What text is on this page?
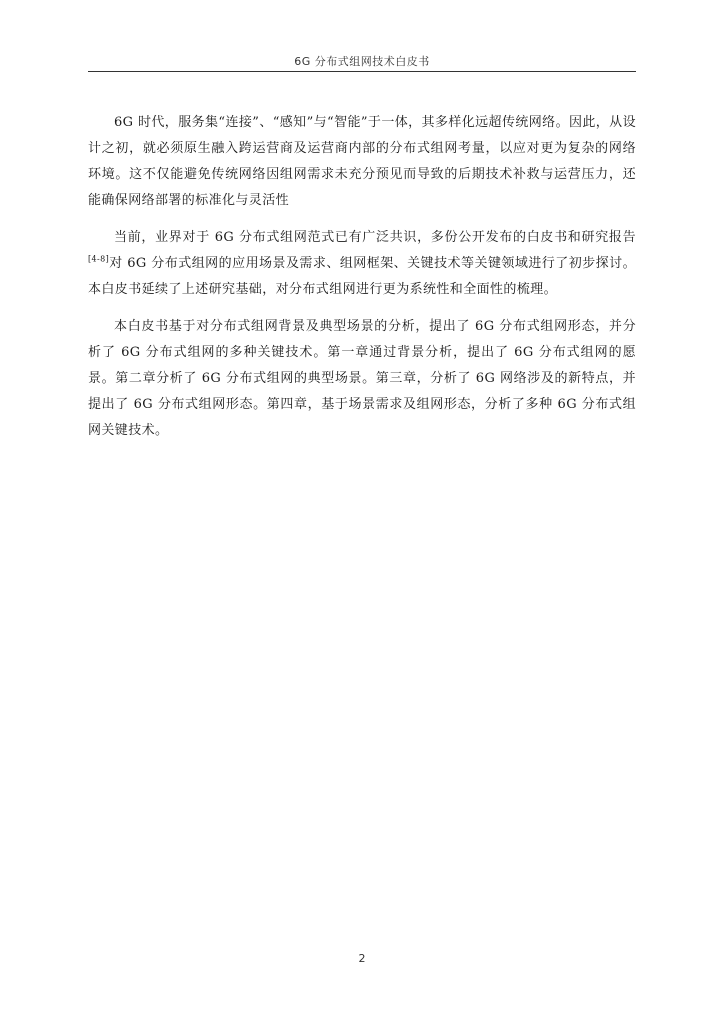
6G 分布式组网技术白皮书

6G 时代，服务集“连接”、“感知”与“智能”于一体，其多样化远超传统网络。因此，从设计之初，就必须原生融入跨运营商及运营商内部的分布式组网考量，以应对更为复杂的网络环境。这不仅能避免传统网络因组网需求未充分预见而导致的后期技术补救与运营压力，还能确保网络部署的标准化与灵活性

当前，业界对于 6G 分布式组网范式已有广泛共识，多份公开发布的白皮书和研究报告[4-8]对 6G 分布式组网的应用场景及需求、组网框架、关键技术等关键领域进行了初步探讨。本白皮书延续了上述研究基础，对分布式组网进行更为系统性和全面性的梳理。

本白皮书基于对分布式组网背景及典型场景的分析，提出了 6G 分布式组网形态，并分析了 6G 分布式组网的多种关键技术。第一章通过背景分析，提出了 6G 分布式组网的愿景。第二章分析了 6G 分布式组网的典型场景。第三章，分析了 6G 网络涉及的新特点，并提出了 6G 分布式组网形态。第四章，基于场景需求及组网形态，分析了多种 6G 分布式组网关键技术。

2
